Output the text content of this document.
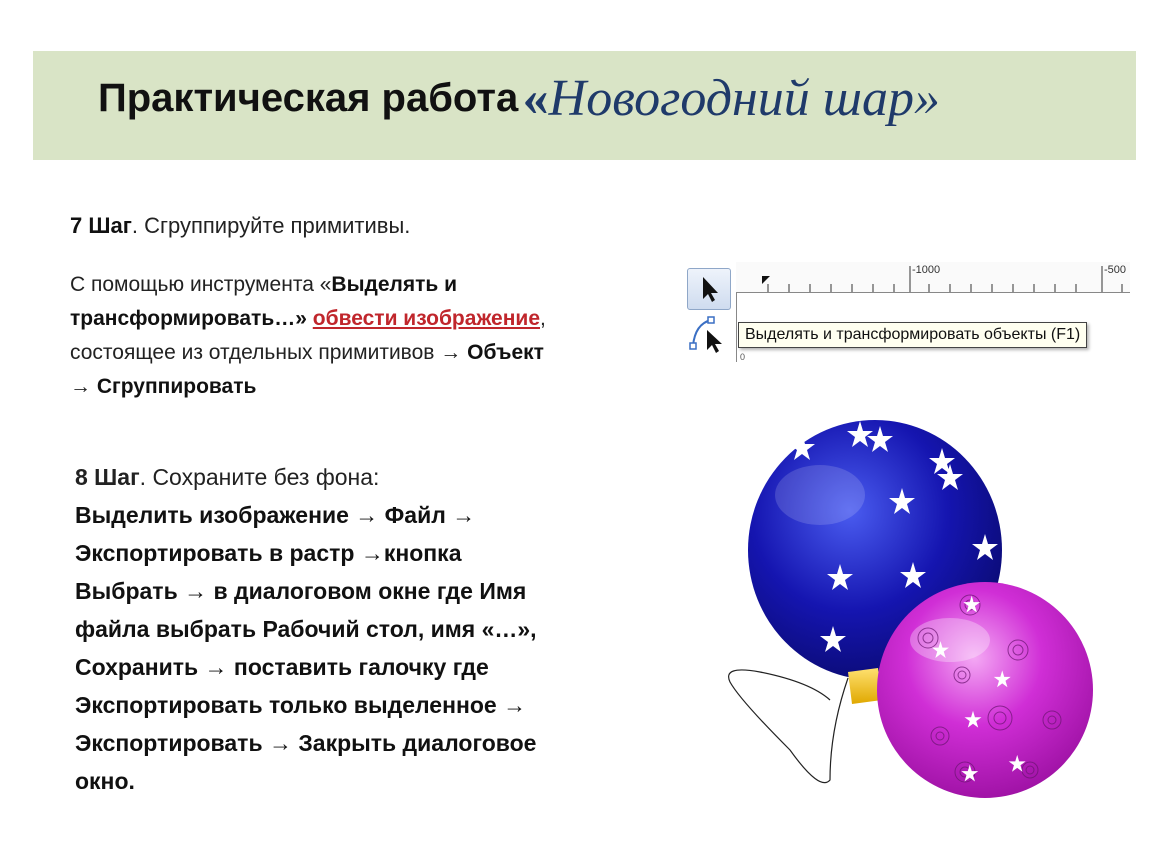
Практическая работа «Новогодний шар»
7 Шаг. Сгруппируйте примитивы.
С помощью инструмента «Выделять и трансформировать…» обвести изображение,
состоящее из отдельных примитивов → Объект
→ Сгруппировать
-1000	-500
0
Выделять и трансформировать объекты (F1)
8 Шаг. Сохраните без фона:
Выделить изображение → Файл →
Экспортировать в растр →кнопка
Выбрать → в диалоговом окне где Имя
файла выбрать Рабочий стол, имя «…»,
Сохранить → поставить галочку где
Экспортировать только выделенное →
Экспортировать → Закрыть диалоговое
окно.
